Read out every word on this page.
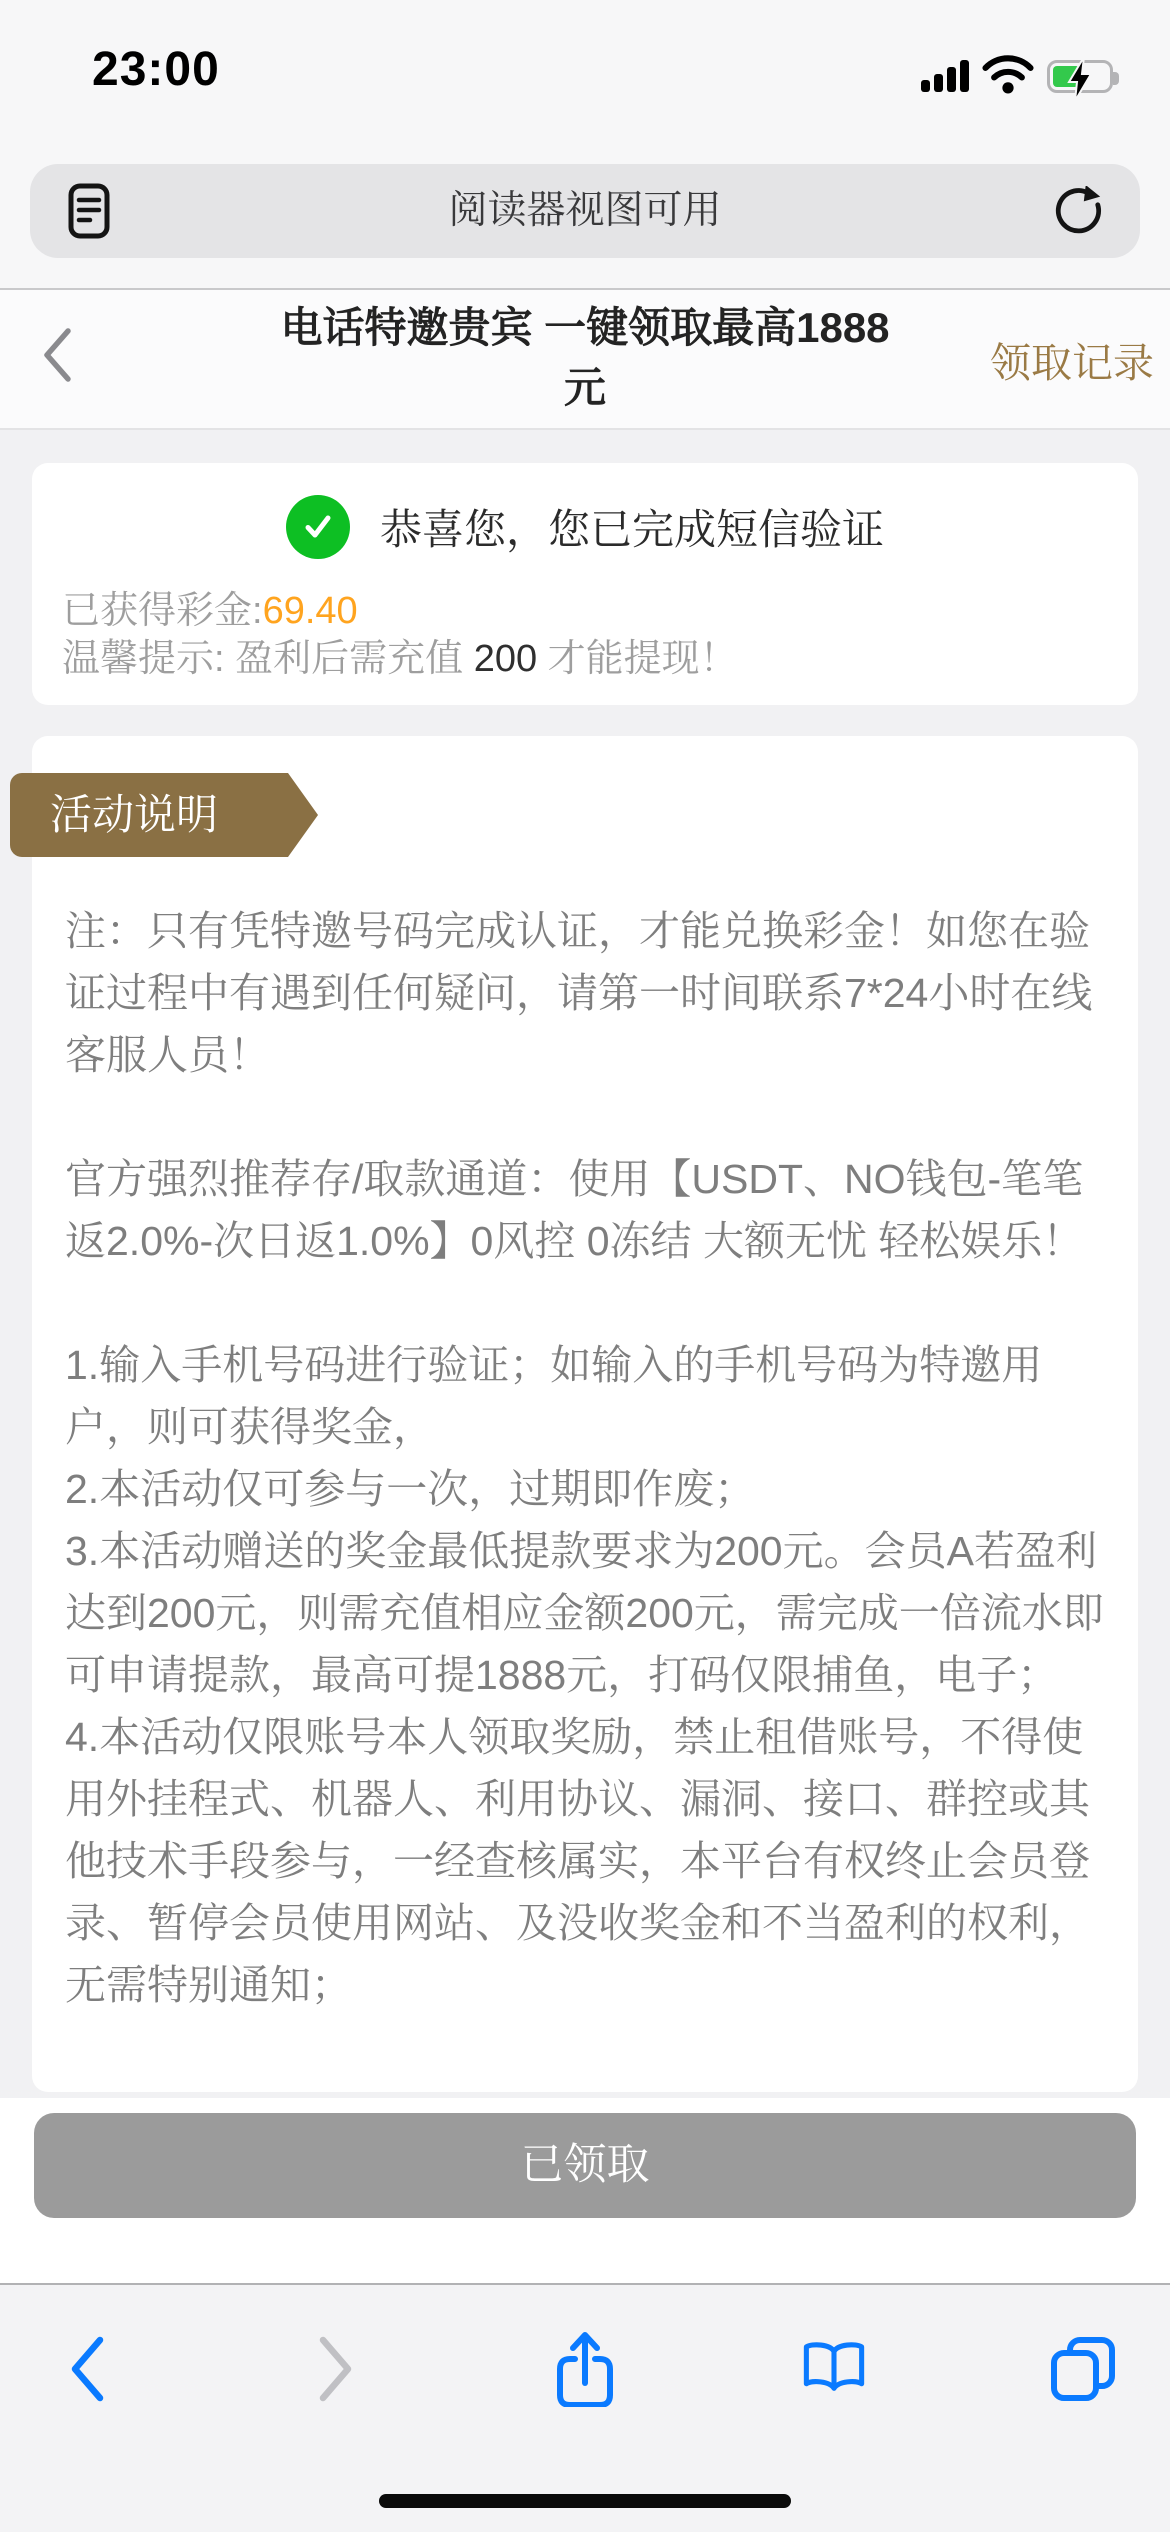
23:00
阅读器视图可用
电话特邀贵宾 一键领取最高1888元
领取记录
恭喜您，您已完成短信验证
已获得彩金:69.40
温馨提示: 盈利后需充值 200 才能提现！
活动说明

注：只有凭特邀号码完成认证，才能兑换彩金！如您在验证过程中有遇到任何疑问，请第一时间联系7*24小时在线客服人员！

官方强烈推荐存/取款通道：使用【USDT、NO钱包-笔笔返2.0%-次日返1.0%】0风控 0冻结 大额无忧 轻松娱乐！

1.输入手机号码进行验证；如输入的手机号码为特邀用户，则可获得奖金，

2.本活动仅可参与一次，过期即作废；

3.本活动赠送的奖金最低提款要求为200元。会员A若盈利达到200元，则需充值相应金额200元，需完成一倍流水即可申请提款，最高可提1888元，打码仅限捕鱼，电子；

4.本活动仅限账号本人领取奖励，禁止租借账号，不得使用外挂程式、机器人、利用协议、漏洞、接口、群控或其他技术手段参与，一经查核属实，本平台有权终止会员登录、暂停会员使用网站、及没收奖金和不当盈利的权利，无需特别通知；

已领取
